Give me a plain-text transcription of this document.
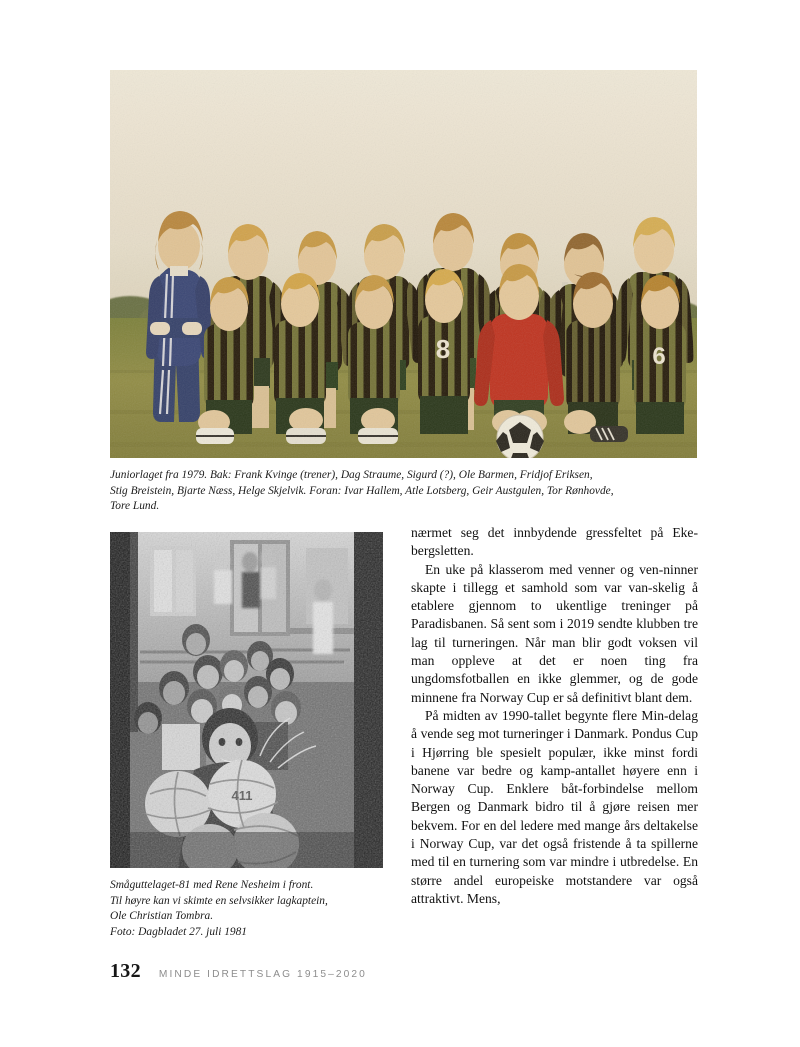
Juniorlaget fra 1979. Bak: Frank Kvinge (trener), Dag Straume, Sigurd (?), Ole Barmen, Fridjof Eriksen,
Stig Breistein, Bjarte Næss, Helge Skjelvik. Foran: Ivar Hallem, Atle Lotsberg, Geir Austgulen, Tor Rønhovde,
Tore Lund.
Småguttelaget-81 med Rene Nesheim i front.
Til høyre kan vi skimte en selvsikker lagkaptein,
Ole Christian Tombra.
Foto: Dagbladet 27. juli 1981

nærmet seg det innbydende gressfeltet på Eke-bergsletten.

En uke på klasserom med venner og ven-ninner skapte i tillegg et samhold som var van-skelig å etablere gjennom to ukentlige treninger på Paradisbanen. Så sent som i 2019 sendte klubben tre lag til turneringen. Når man blir godt voksen vil man oppleve at det er noen ting fra ungdomsfotballen en ikke glemmer, og de gode minnene fra Norway Cup er så definitivt blant dem.

På midten av 1990-tallet begynte flere Min-delag å vende seg mot turneringer i Danmark. Pondus Cup i Hjørring ble spesielt populær, ikke minst fordi banene var bedre og kamp-antallet høyere enn i Norway Cup. Enklere båt-forbindelse mellom Bergen og Danmark bidro til å gjøre reisen mer bekvem. For en del ledere med mange års deltakelse i Norway Cup, var det også fristende å ta spillerne med til en turnering som var mindre i utbredelse. En større andel europeiske motstandere var også attraktivt. Mens,

132 MINDE IDRETTSLAG 1915–2020
